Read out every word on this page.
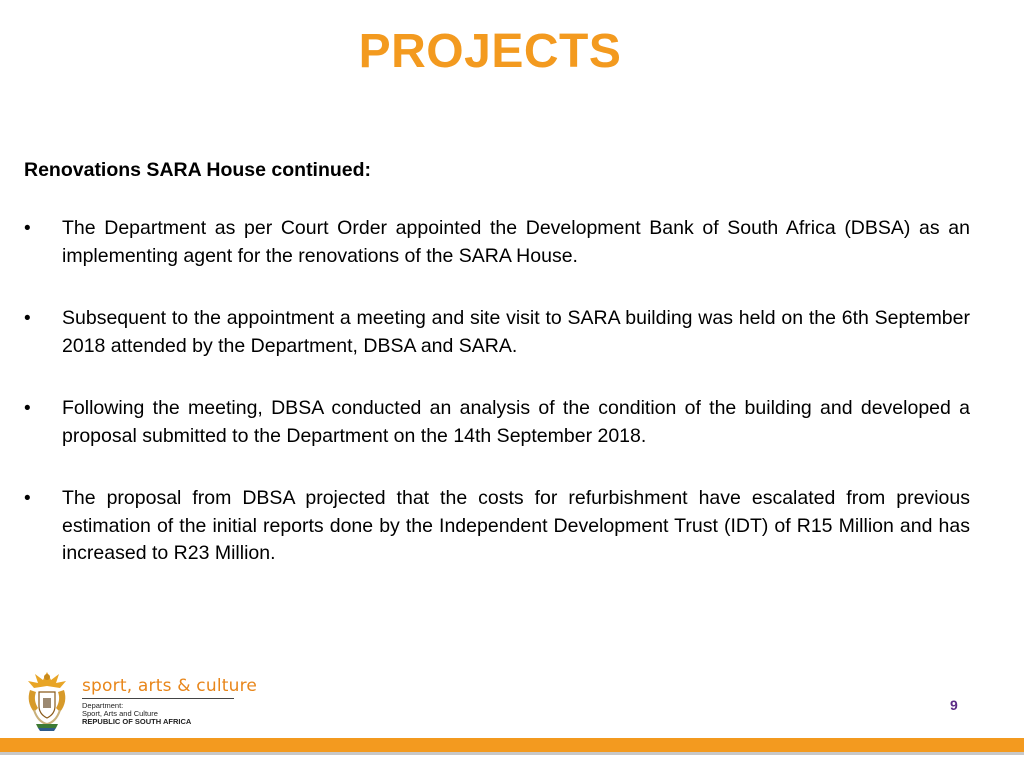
PROJECTS
Renovations SARA House continued:
• The Department as per Court Order appointed the Development Bank of South Africa (DBSA) as an implementing agent for the renovations of the SARA House.
• Subsequent to the appointment a meeting and site visit to SARA building was held on the 6th September 2018 attended by the Department, DBSA and SARA.
• Following the meeting, DBSA conducted an analysis of the condition of the building and developed a proposal submitted to the Department on the 14th September 2018.
• The proposal from DBSA projected that the costs for refurbishment have escalated from previous estimation of the initial reports done by the Independent Development Trust (IDT) of R15 Million and has increased to R23 Million.
sport, arts & culture
Department:
Sport, Arts and Culture
REPUBLIC OF SOUTH AFRICA
9
